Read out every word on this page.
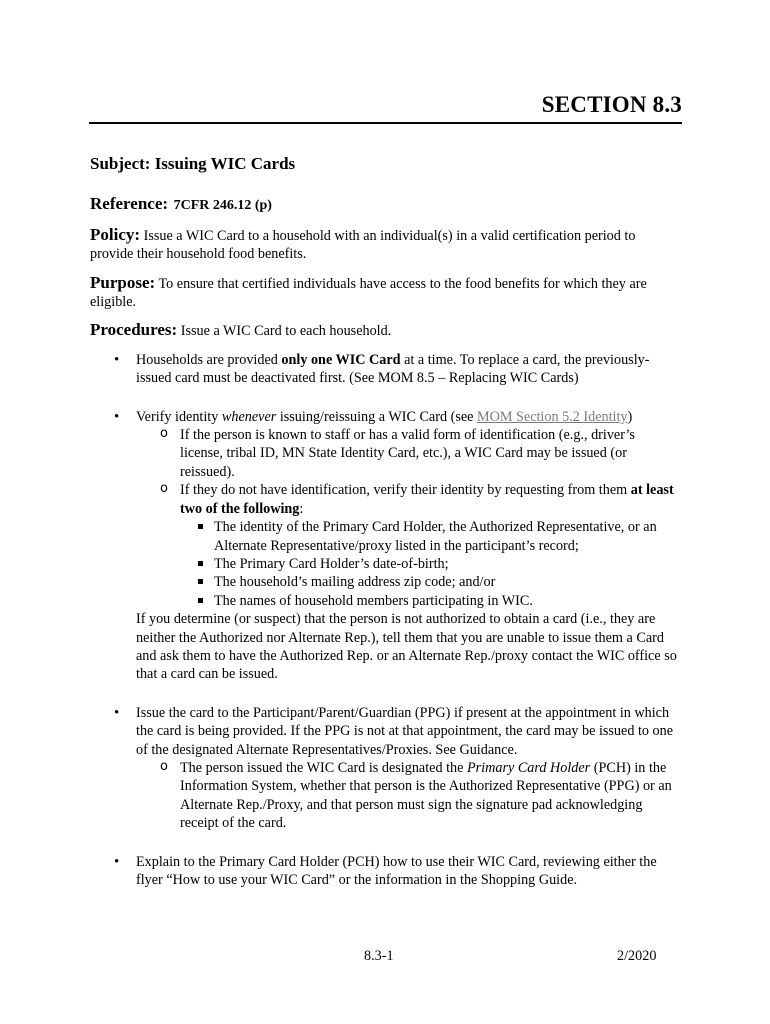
SECTION 8.3
Subject: Issuing WIC Cards
Reference: 7CFR 246.12 (p)
Policy: Issue a WIC Card to a household with an individual(s) in a valid certification period to provide their household food benefits.
Purpose: To ensure that certified individuals have access to the food benefits for which they are eligible.
Procedures: Issue a WIC Card to each household.
• Households are provided only one WIC Card at a time. To replace a card, the previously-issued card must be deactivated first. (See MOM 8.5 – Replacing WIC Cards)
• Verify identity whenever issuing/reissuing a WIC Card (see MOM Section 5.2 Identity)
o If the person is known to staff or has a valid form of identification (e.g., driver’s license, tribal ID, MN State Identity Card, etc.), a WIC Card may be issued (or reissued).
o If they do not have identification, verify their identity by requesting from them at least two of the following:
The identity of the Primary Card Holder, the Authorized Representative, or an Alternate Representative/proxy listed in the participant’s record;
The Primary Card Holder’s date-of-birth;
The household’s mailing address zip code; and/or
The names of household members participating in WIC.
If you determine (or suspect) that the person is not authorized to obtain a card (i.e., they are neither the Authorized nor Alternate Rep.), tell them that you are unable to issue them a Card and ask them to have the Authorized Rep. or an Alternate Rep./proxy contact the WIC office so that a card can be issued.
• Issue the card to the Participant/Parent/Guardian (PPG) if present at the appointment in which the card is being provided. If the PPG is not at that appointment, the card may be issued to one of the designated Alternate Representatives/Proxies. See Guidance.
o The person issued the WIC Card is designated the Primary Card Holder (PCH) in the Information System, whether that person is the Authorized Representative (PPG) or an Alternate Rep./Proxy, and that person must sign the signature pad acknowledging receipt of the card.
• Explain to the Primary Card Holder (PCH) how to use their WIC Card, reviewing either the flyer “How to use your WIC Card” or the information in the Shopping Guide.
8.3-1	2/2020
